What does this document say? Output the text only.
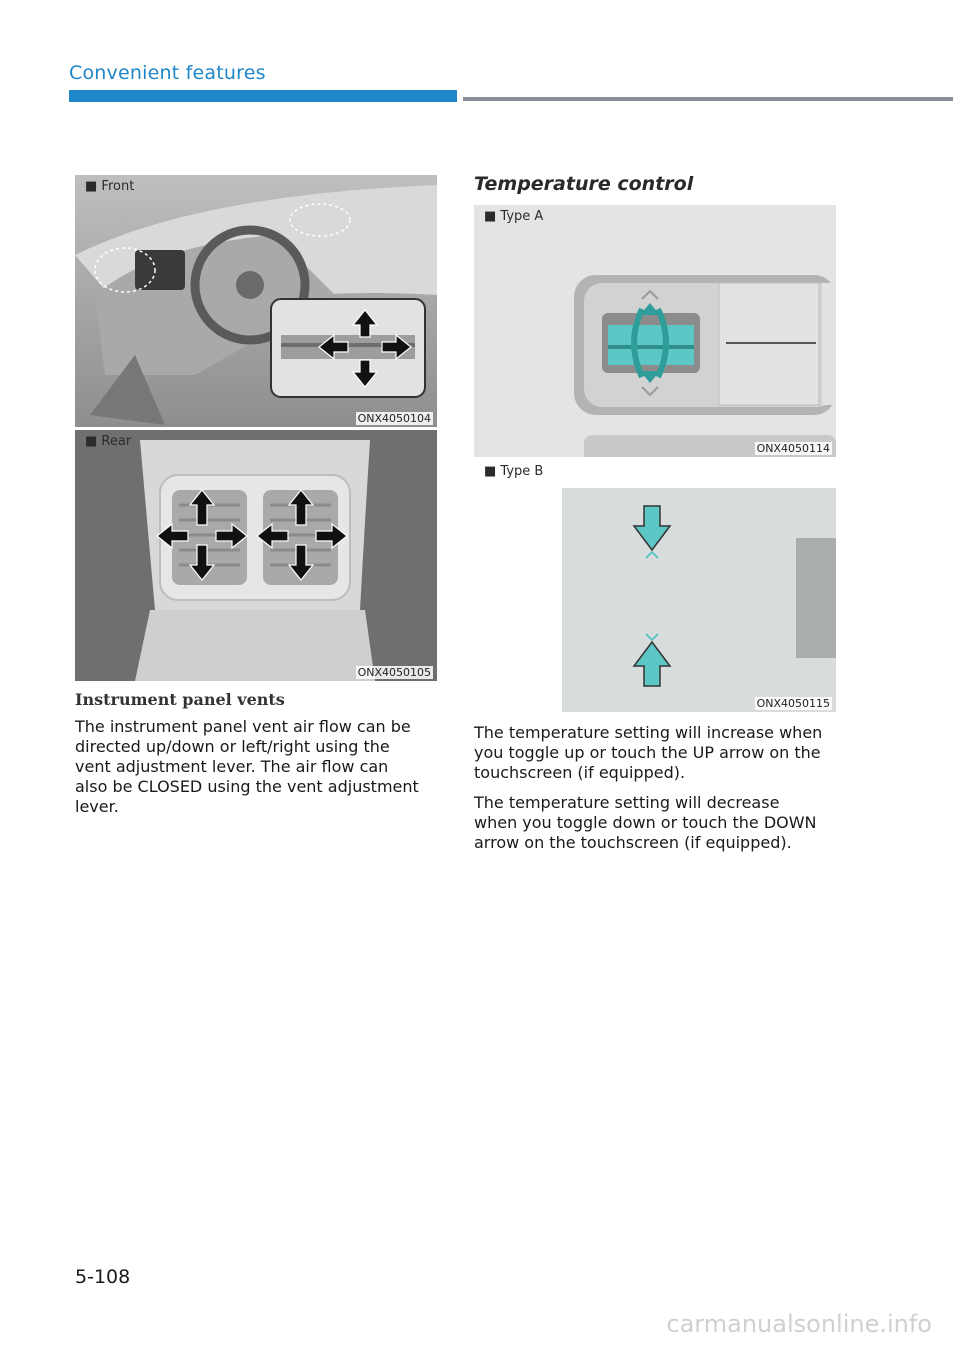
Convenient features
■ Front
ONX4050104
■ Rear
ONX4050105
Instrument panel vents

The instrument panel vent air flow can be directed up/down or left/right using the vent adjustment lever. The air flow can also be CLOSED using the vent adjustment lever.

Temperature control
■ Type A
ONX4050114
■ Type B
ONX4050115

The temperature setting will increase when you toggle up or touch the UP arrow on the touchscreen (if equipped).

The temperature setting will decrease when you toggle down or touch the DOWN arrow on the touchscreen (if equipped).

5-108
carmanualsonline.info
